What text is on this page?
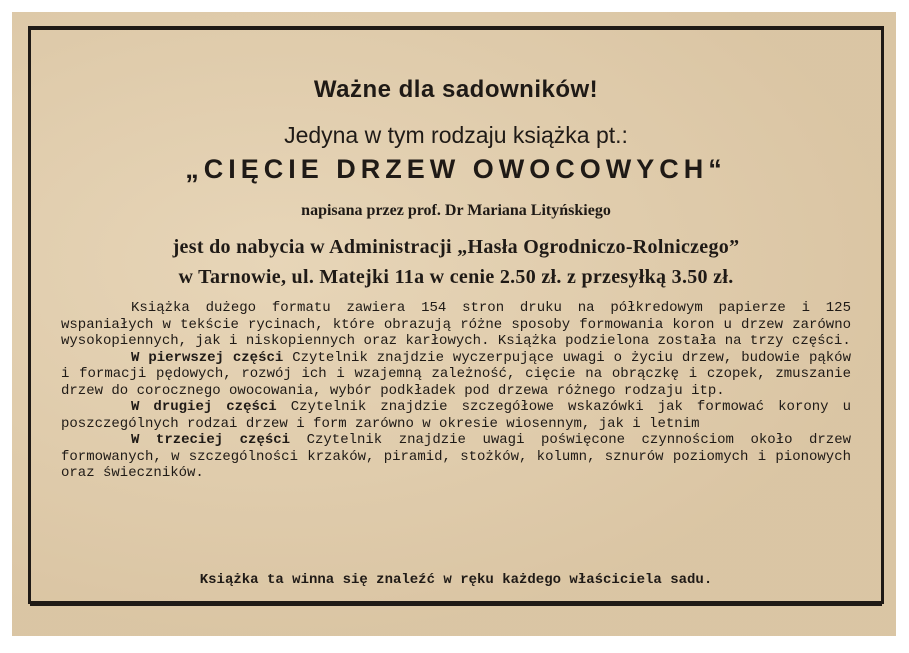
Ważne dla sadowników!
Jedyna w tym rodzaju książka pt.:
„CIĘCIE DRZEW OWOCOWYCH“
napisana przez prof. Dr Mariana Lityńskiego
jest do nabycia w Administracji „Hasła Ogrodniczo-Rolniczego”
w Tarnowie, ul. Matejki 11a w cenie 2.50 zł. z przesyłką 3.50 zł.

Książka dużego formatu zawiera 154 stron druku na półkredowym papierze i 125 wspaniałych w tekście rycinach, które obrazują różne sposoby formowania koron u drzew zarówno wysokopiennych, jak i niskopiennych oraz karłowych. Książka podzielona została na trzy części.

W pierwszej części Czytelnik znajdzie wyczerpujące uwagi o życiu drzew, budowie pąków i formacji pędowych, rozwój ich i wzajemną zależność, cięcie na obrączkę i czopek, zmuszanie drzew do corocznego owocowania, wybór podkładek pod drzewa różnego rodzaju itp.

W drugiej części Czytelnik znajdzie szczegółowe wskazówki jak formować korony u poszczególnych rodzai drzew i form zarówno w okresie wiosennym, jak i letnim

W trzeciej części Czytelnik znajdzie uwagi poświęcone czynnościom około drzew formowanych, w szczególności krzaków, piramid, stożków, kolumn, sznurów poziomych i pionowych oraz świeczników.

Książka ta winna się znaleźć w ręku każdego właściciela sadu.
